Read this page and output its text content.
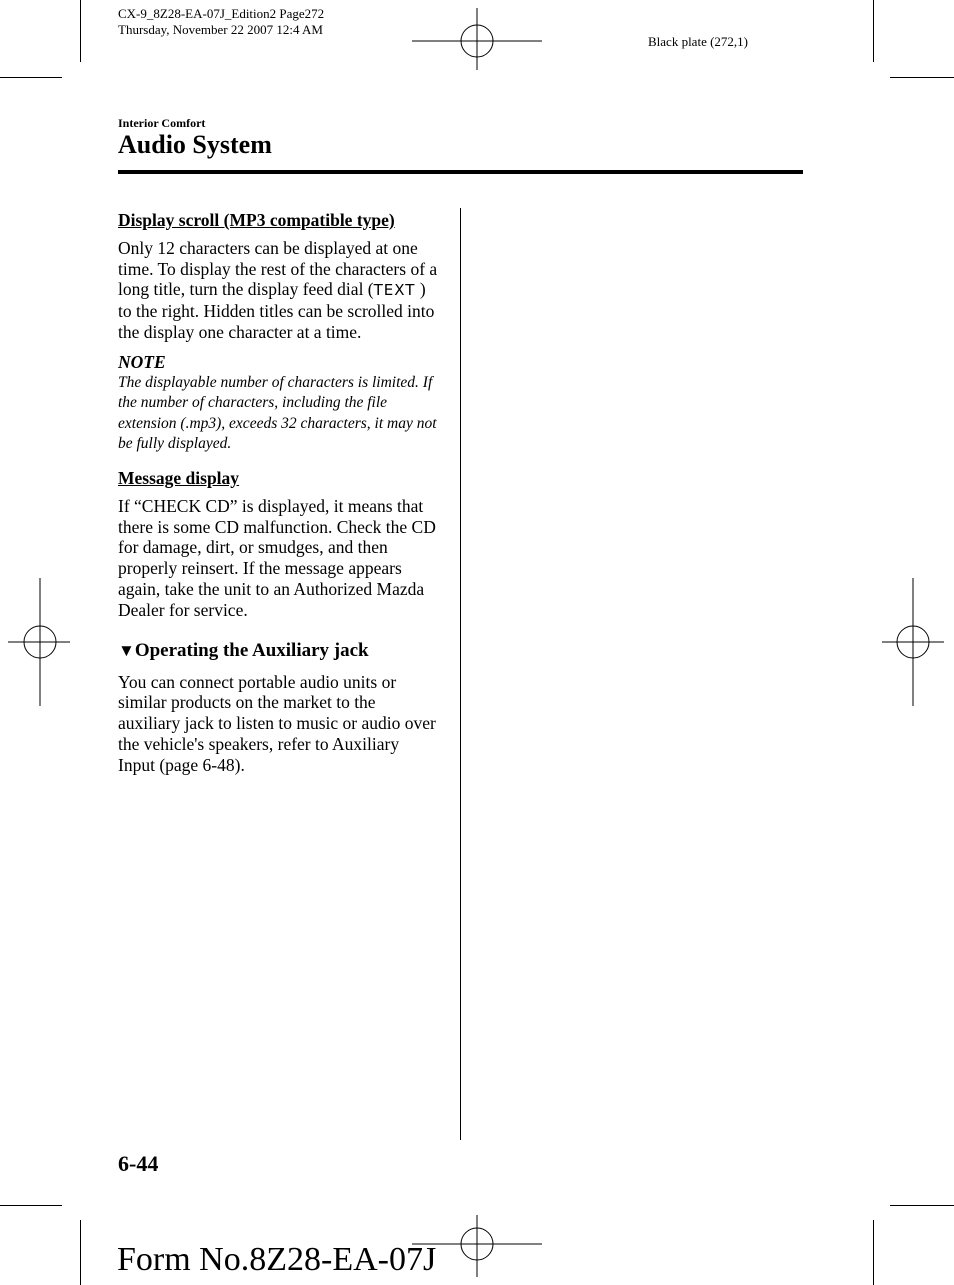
CX-9_8Z28-EA-07J_Edition2 Page272
Thursday, November 22 2007 12:4 AM
Black plate (272,1)
Interior Comfort
Audio System
Display scroll (MP3 compatible type)

Only 12 characters can be displayed at one time. To display the rest of the characters of a long title, turn the display feed dial (TEXT ) to the right. Hidden titles can be scrolled into the display one character at a time.

NOTE

The displayable number of characters is limited. If the number of characters, including the file extension (.mp3), exceeds 32 characters, it may not be fully displayed.

Message display

If “CHECK CD” is displayed, it means that there is some CD malfunction. Check the CD for damage, dirt, or smudges, and then properly reinsert. If the message appears again, take the unit to an Authorized Mazda Dealer for service.

▼Operating the Auxiliary jack

You can connect portable audio units or similar products on the market to the auxiliary jack to listen to music or audio over the vehicle's speakers, refer to Auxiliary Input (page 6-48).

6-44
Form No.8Z28-EA-07J
